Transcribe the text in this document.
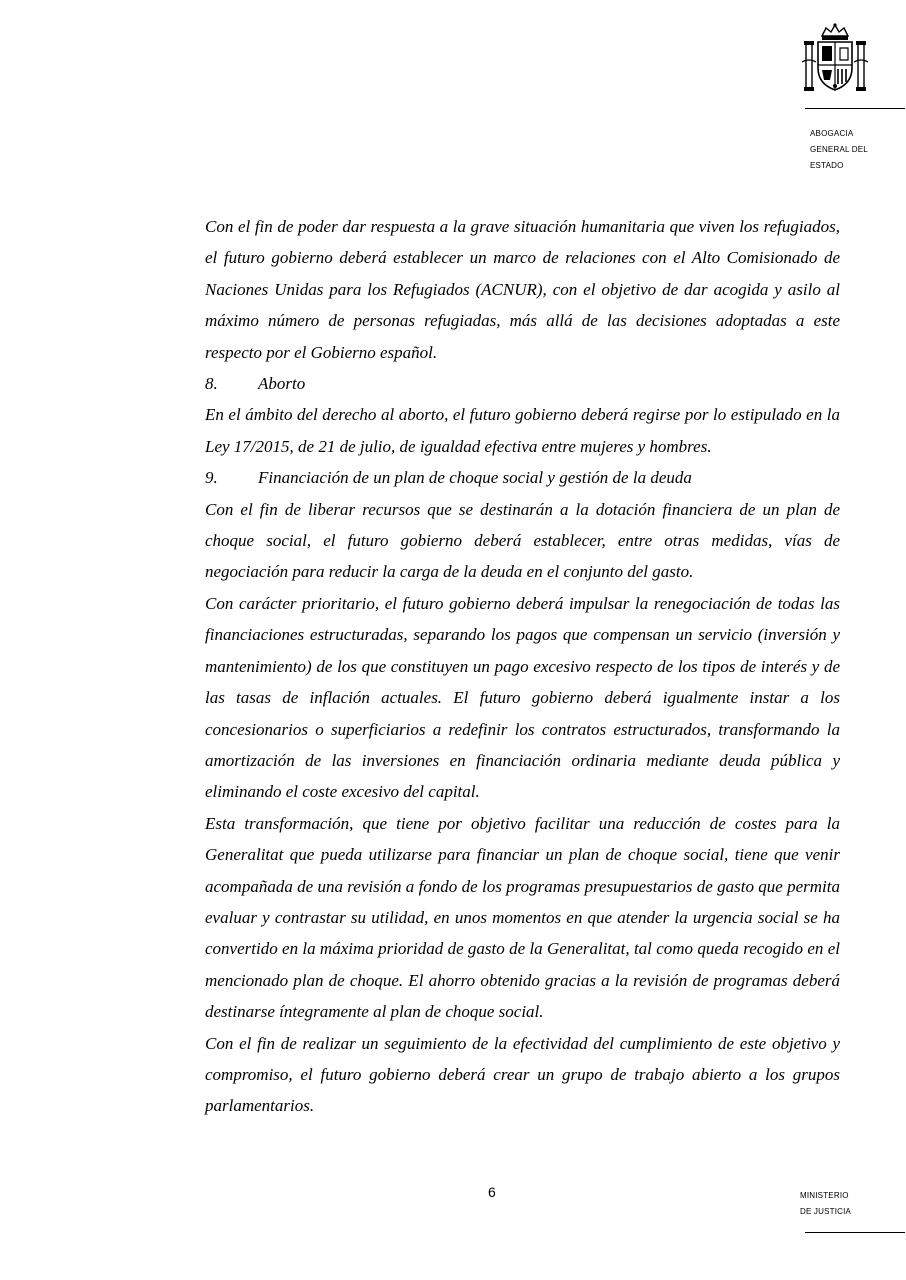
ABOGACIA
GENERAL DEL
ESTADO

Con el fin de poder dar respuesta a la grave situación humanitaria que viven los refugiados, el futuro gobierno deberá establecer un marco de relaciones con el Alto Comisionado de Naciones Unidas para los Refugiados (ACNUR), con el objetivo de dar acogida y asilo al máximo número de personas refugiadas, más allá de las decisiones adoptadas a este respecto por el Gobierno español.

8. Aborto

En el ámbito del derecho al aborto, el futuro gobierno deberá regirse por lo estipulado en la Ley 17/2015, de 21 de julio, de igualdad efectiva entre mujeres y hombres.

9. Financiación de un plan de choque social y gestión de la deuda

Con el fin de liberar recursos que se destinarán a la dotación financiera de un plan de choque social, el futuro gobierno deberá establecer, entre otras medidas, vías de negociación para reducir la carga de la deuda en el conjunto del gasto.

Con carácter prioritario, el futuro gobierno deberá impulsar la renegociación de todas las financiaciones estructuradas, separando los pagos que compensan un servicio (inversión y mantenimiento) de los que constituyen un pago excesivo respecto de los tipos de interés y de las tasas de inflación actuales. El futuro gobierno deberá igualmente instar a los concesionarios o superficiarios a redefinir los contratos estructurados, transformando la amortización de las inversiones en financiación ordinaria mediante deuda pública y eliminando el coste excesivo del capital.

Esta transformación, que tiene por objetivo facilitar una reducción de costes para la Generalitat que pueda utilizarse para financiar un plan de choque social, tiene que venir acompañada de una revisión a fondo de los programas presupuestarios de gasto que permita evaluar y contrastar su utilidad, en unos momentos en que atender la urgencia social se ha convertido en la máxima prioridad de gasto de la Generalitat, tal como queda recogido en el mencionado plan de choque. El ahorro obtenido gracias a la revisión de programas deberá destinarse íntegramente al plan de choque social.

Con el fin de realizar un seguimiento de la efectividad del cumplimiento de este objetivo y compromiso, el futuro gobierno deberá crear un grupo de trabajo abierto a los grupos parlamentarios.

6	MINISTERIO
DE JUSTICIA
